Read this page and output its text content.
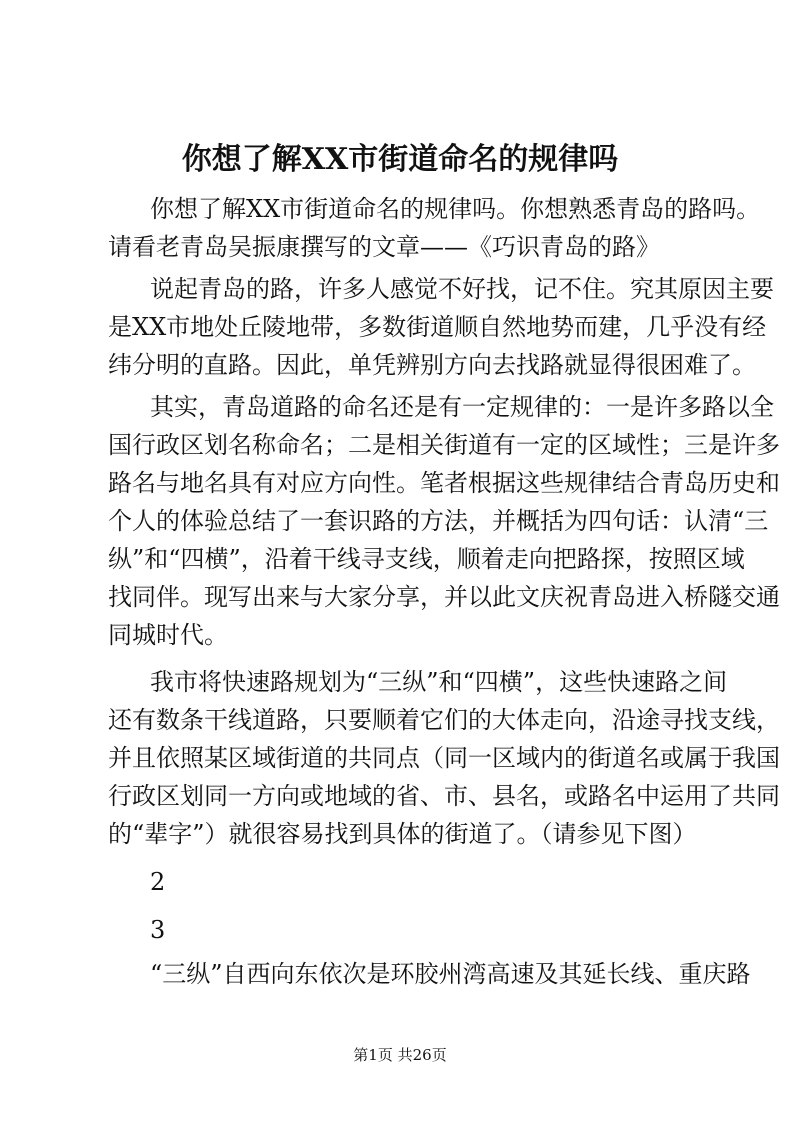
你想了解XX市街道命名的规律吗

你想了解XX市街道命名的规律吗。你想熟悉青岛的路吗。

请看老青岛吴振康撰写的文章——《巧识青岛的路》

说起青岛的路，许多人感觉不好找，记不住。究其原因主要

是XX市地处丘陵地带，多数街道顺自然地势而建，几乎没有经

纬分明的直路。因此，单凭辨别方向去找路就显得很困难了。

其实，青岛道路的命名还是有一定规律的：一是许多路以全

国行政区划名称命名；二是相关街道有一定的区域性；三是许多

路名与地名具有对应方向性。笔者根据这些规律结合青岛历史和

个人的体验总结了一套识路的方法，并概括为四句话：认清“三

纵”和“四横”，沿着干线寻支线，顺着走向把路探，按照区域

找同伴。现写出来与大家分享，并以此文庆祝青岛进入桥隧交通

同城时代。

我市将快速路规划为“三纵”和“四横”，这些快速路之间

还有数条干线道路，只要顺着它们的大体走向，沿途寻找支线，

并且依照某区域街道的共同点（同一区域内的街道名或属于我国

行政区划同一方向或地域的省、市、县名，或路名中运用了共同

的“辈字”）就很容易找到具体的街道了。（请参见下图）

2

3

“三纵”自西向东依次是环胶州湾高速及其延长线、重庆路

第1页 共26页
